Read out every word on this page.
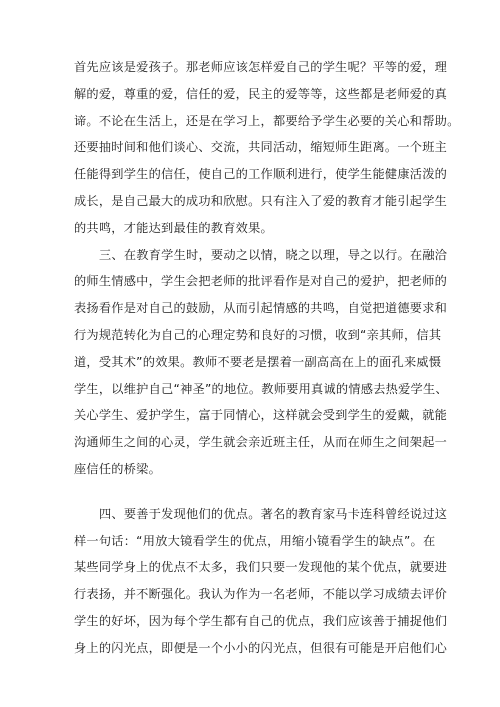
首先应该是爱孩子。那老师应该怎样爱自己的学生呢？平等的爱，理
解的爱，尊重的爱，信任的爱，民主的爱等等，这些都是老师爱的真
谛。不论在生活上，还是在学习上，都要给予学生必要的关心和帮助。
还要抽时间和他们谈心、交流，共同活动，缩短师生距离。一个班主
任能得到学生的信任，使自己的工作顺利进行，使学生能健康活泼的
成长，是自己最大的成功和欣慰。只有注入了爱的教育才能引起学生
的共鸣，才能达到最佳的教育效果。
三、在教育学生时，要动之以情，晓之以理，导之以行。在融洽
的师生情感中，学生会把老师的批评看作是对自己的爱护，把老师的
表扬看作是对自己的鼓励，从而引起情感的共鸣，自觉把道德要求和
行为规范转化为自己的心理定势和良好的习惯，收到“亲其师，信其
道，受其术”的效果。教师不要老是摆着一副高高在上的面孔来威慑
学生，以维护自己“神圣”的地位。教师要用真诚的情感去热爱学生、
关心学生、爱护学生，富于同情心，这样就会受到学生的爱戴，就能
沟通师生之间的心灵，学生就会亲近班主任，从而在师生之间架起一
座信任的桥梁。
四、要善于发现他们的优点。著名的教育家马卡连科曾经说过这
样一句话：“用放大镜看学生的优点，用缩小镜看学生的缺点”。在
某些同学身上的优点不太多，我们只要一发现他的某个优点，就要进
行表扬，并不断强化。我认为作为一名老师，不能以学习成绩去评价
学生的好坏，因为每个学生都有自己的优点，我们应该善于捕捉他们
身上的闪光点，即便是一个小小的闪光点，但很有可能是开启他们心
